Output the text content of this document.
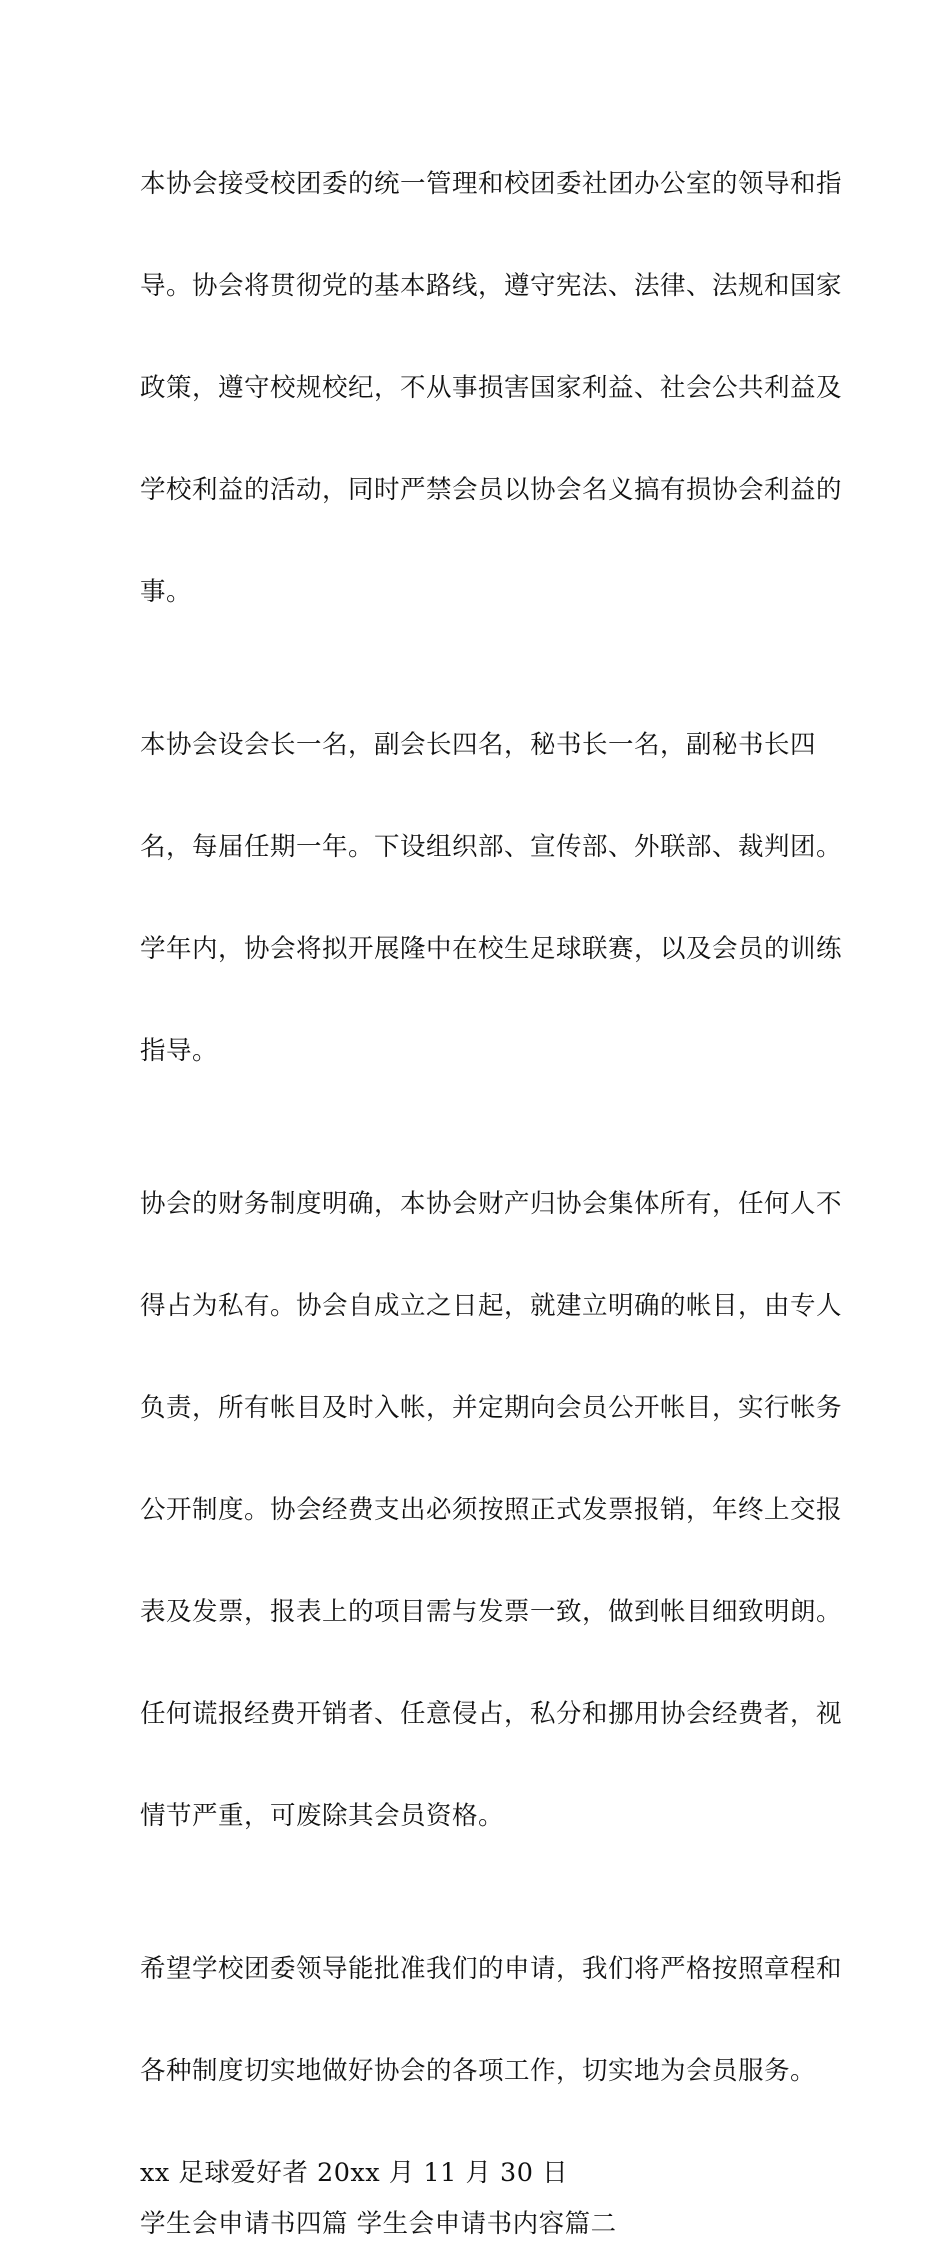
本协会接受校团委的统一管理和校团委社团办公室的领导和指

导。协会将贯彻党的基本路线，遵守宪法、法律、法规和国家

政策，遵守校规校纪，不从事损害国家利益、社会公共利益及

学校利益的活动，同时严禁会员以协会名义搞有损协会利益的

事。

本协会设会长一名，副会长四名，秘书长一名，副秘书长四

名，每届任期一年。下设组织部、宣传部、外联部、裁判团。

学年内，协会将拟开展隆中在校生足球联赛，以及会员的训练

指导。

协会的财务制度明确，本协会财产归协会集体所有，任何人不

得占为私有。协会自成立之日起，就建立明确的帐目，由专人

负责，所有帐目及时入帐，并定期向会员公开帐目，实行帐务

公开制度。协会经费支出必须按照正式发票报销，年终上交报

表及发票，报表上的项目需与发票一致，做到帐目细致明朗。

任何谎报经费开销者、任意侵占，私分和挪用协会经费者，视

情节严重，可废除其会员资格。

希望学校团委领导能批准我们的申请，我们将严格按照章程和

各种制度切实地做好协会的各项工作，切实地为会员服务。

xx 足球爱好者 20xx 月 11 月 30 日

学生会申请书四篇 学生会申请书内容篇二
